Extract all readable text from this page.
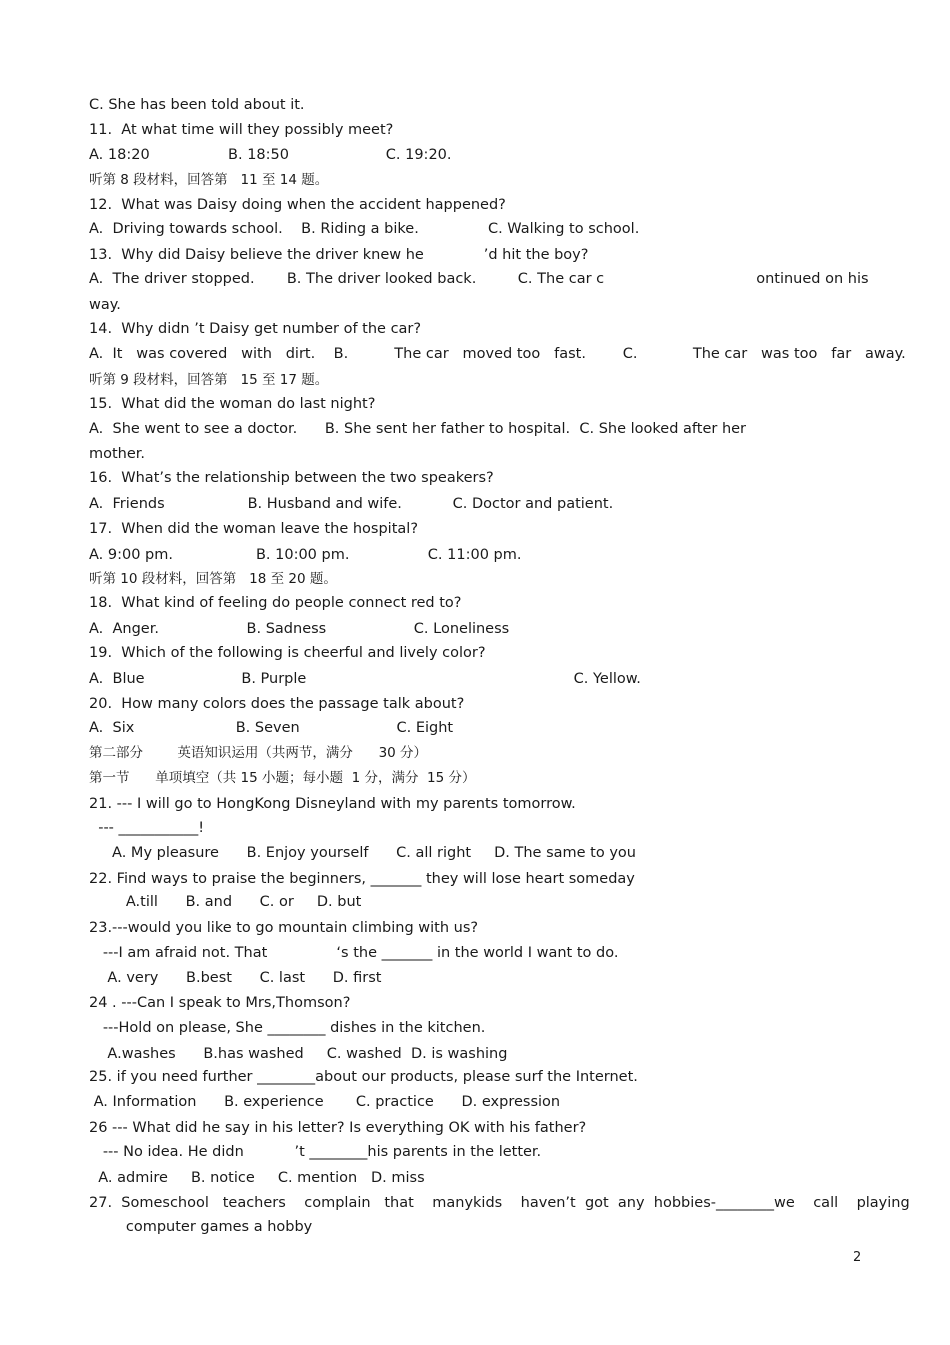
C. She has been told about it.
11.  At what time will they possibly meet?
A. 18:20                 B. 18:50                     C. 19:20.
听第 8 段材料，回答第   11 至 14 题。
12.  What was Daisy doing when the accident happened?
A.  Driving towards school.    B. Riding a bike.               C. Walking to school.
13.  Why did Daisy believe the driver knew he             ’d hit the boy?
A.  The driver stopped.       B. The driver looked back.         C. The car c                                 ontinued on his
way.
14.  Why didn ’t Daisy get number of the car?
A.  It   was covered   with   dirt.    B.          The car   moved too   fast.        C.            The car   was too   far   away.
听第 9 段材料，回答第   15 至 17 题。
15.  What did the woman do last night?
A.  She went to see a doctor.      B. She sent her father to hospital.  C. She looked after her
mother.
16.  What’s the relationship between the two speakers?
A.  Friends                  B. Husband and wife.           C. Doctor and patient.
17.  When did the woman leave the hospital?
A. 9:00 pm.                  B. 10:00 pm.                 C. 11:00 pm.
听第 10 段材料，回答第   18 至 20 题。
18.  What kind of feeling do people connect red to?
A.  Anger.                   B. Sadness                   C. Loneliness
19.  Which of the following is cheerful and lively color?
A.  Blue                     B. Purple                                                          C. Yellow.
20.  How many colors does the passage talk about?
A.  Six                      B. Seven                     C. Eight
第二部分        英语知识运用（共两节，满分      30 分）
第一节      单项填空（共 15 小题；每小题  1 分，满分  15 分）
21. --- I will go to HongKong Disneyland with my parents tomorrow.
--- ___________!
A. My pleasure      B. Enjoy yourself      C. all right     D. The same to you
22. Find ways to praise the beginners, _______ they will lose heart someday
A.till      B. and      C. or     D. but
23.---would you like to go mountain climbing with us?
---I am afraid not. That               ‘s the _______ in the world I want to do.
A. very      B.best      C. last      D. first
24 . ---Can I speak to Mrs,Thomson?
---Hold on please, She ________ dishes in the kitchen.
A.washes      B.has washed     C. washed  D. is washing
25. if you need further ________about our products, please surf the Internet.
A. Information      B. experience       C. practice      D. expression
26 --- What did he say in his letter? Is everything OK with his father?
--- No idea. He didn           ’t ________his parents in the letter.
A. admire     B. notice     C. mention   D. miss
27.  Someschool   teachers    complain   that    manykids    haven’t  got  any  hobbies-________we    call    playing
computer games a hobby
2
